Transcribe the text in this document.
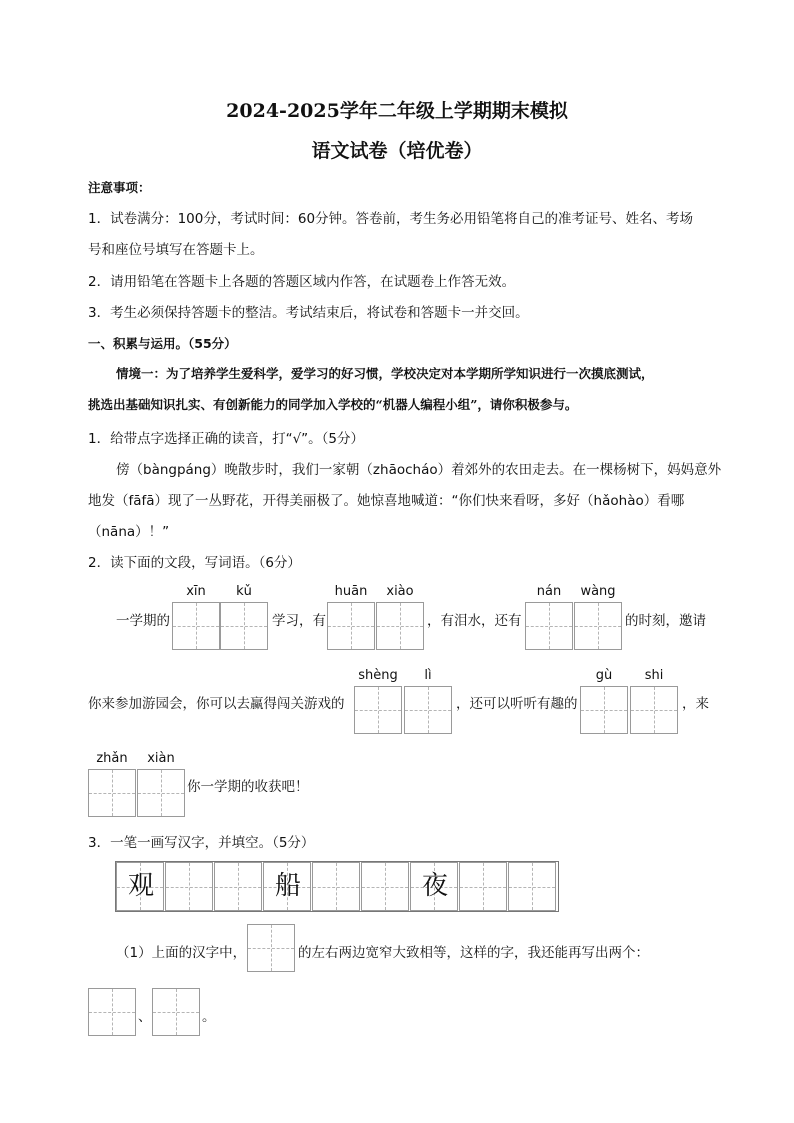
2024-2025学年二年级上学期期末模拟
语文试卷（培优卷）
注意事项：
1．试卷满分：100分，考试时间：60分钟。答卷前，考生务必用铅笔将自己的准考证号、姓名、考场
号和座位号填写在答题卡上。
2．请用铅笔在答题卡上各题的答题区域内作答，在试题卷上作答无效。
3．考生必须保持答题卡的整洁。考试结束后，将试卷和答题卡一并交回。
一、积累与运用。（55分）
情境一：为了培养学生爱科学，爱学习的好习惯，学校决定对本学期所学知识进行一次摸底测试，
挑选出基础知识扎实、有创新能力的同学加入学校的“机器人编程小组”，请你积极参与。
1．给带点字选择正确的读音，打“√”。（5分）
傍（bàngpáng）晚散步时，我们一家朝（zhāocháo）着郊外的农田走去。在一棵杨树下，妈妈意外
地发（fāfā）现了一丛野花，开得美丽极了。她惊喜地喊道：“你们快来看呀，多好（hǎohào）看哪
（nāna）！”
2．读下面的文段，写词语。（6分）
xīn	kǔ	huān	xiào	nán	wàng
一学期的	学习，有	，有泪水，还有	的时刻，邀请
shèng	lì	gù	shi
你来参加游园会，你可以去赢得闯关游戏的	，还可以听听有趣的	，来
zhǎn	xiàn
你一学期的收获吧！
3．一笔一画写汉字，并填空。（5分）
观	船	夜
（1）上面的汉字中，	的左右两边宽窄大致相等，这样的字，我还能再写出两个：
、	。
